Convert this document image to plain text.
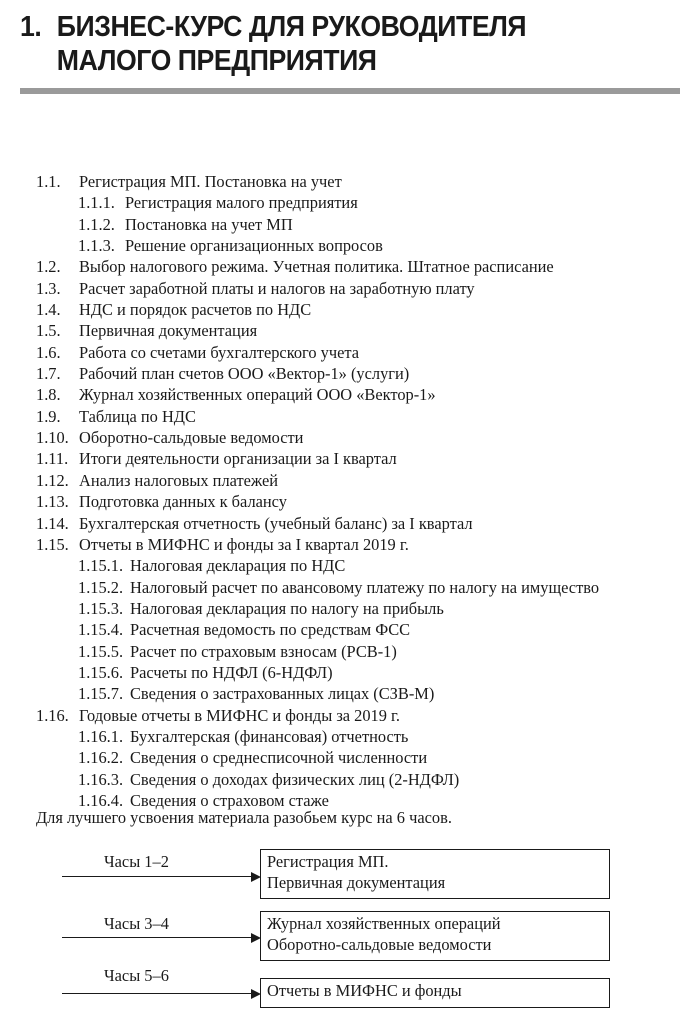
1. БИЗНЕС-КУРС ДЛЯ РУКОВОДИТЕЛЯ
МАЛОГО ПРЕДПРИЯТИЯ
1.1. Регистрация МП. Постановка на учет
1.1.1. Регистрация малого предприятия
1.1.2. Постановка на учет МП
1.1.3. Решение организационных вопросов
1.2. Выбор налогового режима. Учетная политика. Штатное расписание
1.3. Расчет заработной платы и налогов на заработную плату
1.4. НДС и порядок расчетов по НДС
1.5. Первичная документация
1.6. Работа со счетами бухгалтерского учета
1.7. Рабочий план счетов ООО «Вектор-1» (услуги)
1.8. Журнал хозяйственных операций ООО «Вектор-1»
1.9. Таблица по НДС
1.10. Оборотно-сальдовые ведомости
1.11. Итоги деятельности организации за I квартал
1.12. Анализ налоговых платежей
1.13. Подготовка данных к балансу
1.14. Бухгалтерская отчетность (учебный баланс) за I квартал
1.15. Отчеты в МИФНС и фонды за I квартал 2019 г.
1.15.1. Налоговая декларация по НДС
1.15.2. Налоговый расчет по авансовому платежу по налогу на имущество
1.15.3. Налоговая декларация по налогу на прибыль
1.15.4. Расчетная ведомость по средствам ФСС
1.15.5. Расчет по страховым взносам (РСВ-1)
1.15.6. Расчеты по НДФЛ (6-НДФЛ)
1.15.7. Сведения о застрахованных лицах (СЗВ-М)
1.16. Годовые отчеты в МИФНС и фонды за 2019 г.
1.16.1. Бухгалтерская (финансовая) отчетность
1.16.2. Сведения о среднесписочной численности
1.16.3. Сведения о доходах физических лиц (2-НДФЛ)
1.16.4. Сведения о страховом стаже
Для лучшего усвоения материала разобьем курс на 6 часов.
Часы 1–2	Регистрация МП.
Первичная документация
Часы 3–4	Журнал хозяйственных операций
Оборотно-сальдовые ведомости
Часы 5–6
Отчеты в МИФНС и фонды
